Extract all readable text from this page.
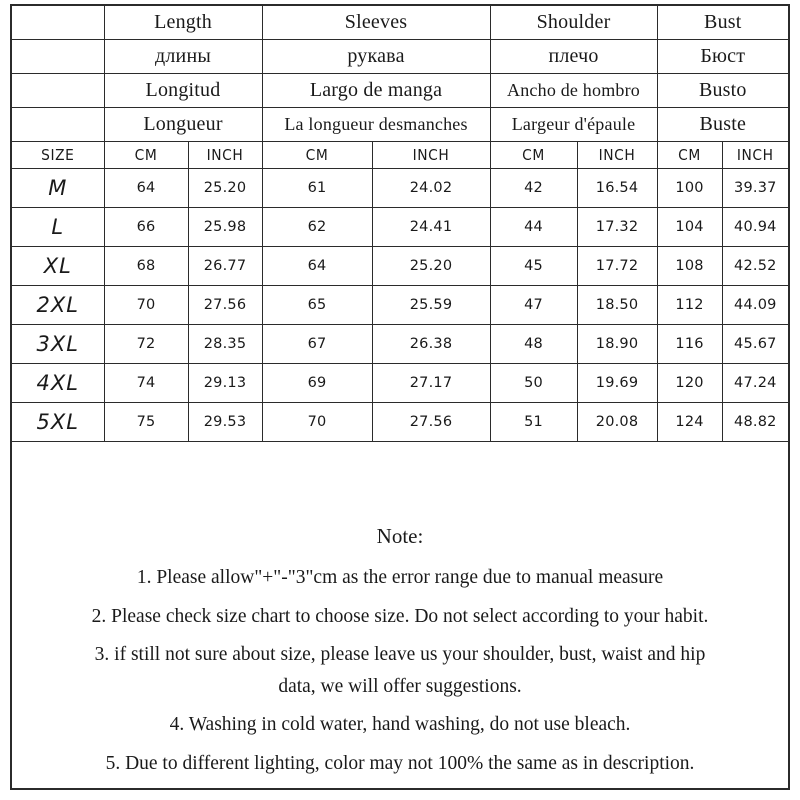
	Length		Sleeves		Shoulder		Bust	
	длины		рукава		плечо		Бюст	
	Longitud		Largo de manga		Ancho de hombro		Busto	
	Longueur		La longueur desmanches		Largeur d'épaule		Buste	
SIZE	CM	INCH	CM	INCH	CM	INCH	CM	INCH
M	64	25.20	61	24.02	42	16.54	100	39.37
L	66	25.98	62	24.41	44	17.32	104	40.94
XL	68	26.77	64	25.20	45	17.72	108	42.52
2XL	70	27.56	65	25.59	47	18.50	112	44.09
3XL	72	28.35	67	26.38	48	18.90	116	45.67
4XL	74	29.13	69	27.17	50	19.69	120	47.24
5XL	75	29.53	70	27.56	51	20.08	124	48.82
Note:
1. Please allow"+"-"3"cm as the error range due to manual measure
2. Please check size chart to choose size. Do not select according to your habit.
3. if still not sure about size, please leave us your shoulder, bust, waist and hip
data, we will offer suggestions.
4. Washing in cold water, hand washing, do not use bleach.
5. Due to different lighting, color may not 100% the same as in description.
